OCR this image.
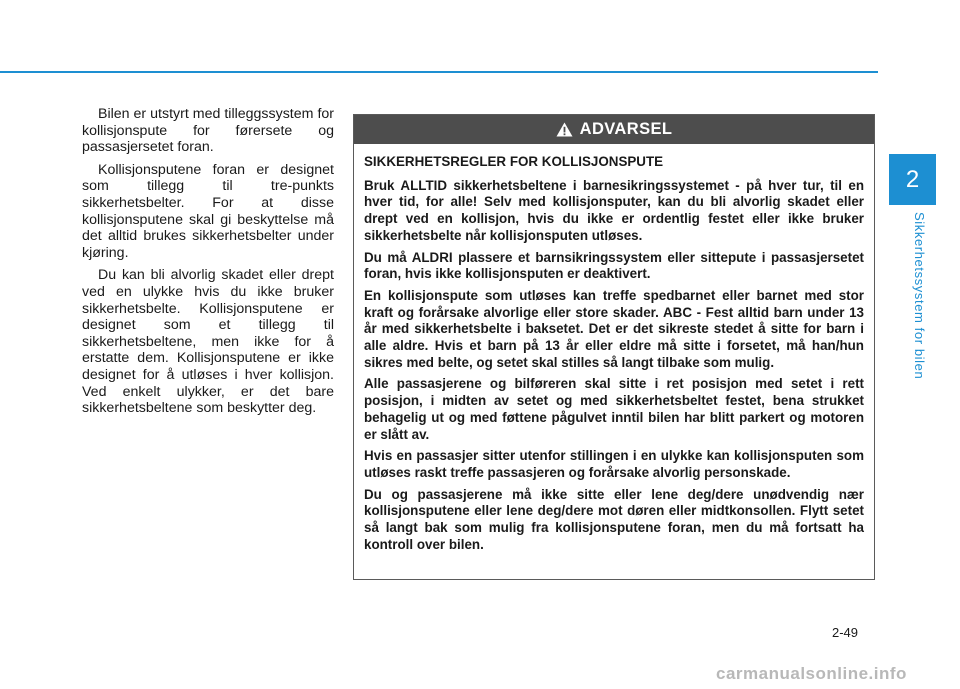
2
Sikkerhetssystem for bilen

Bilen er utstyrt med tilleggssystem for kollisjonspute for førersete og passasjersetet foran.

Kollisjonsputene foran er designet som tillegg til tre-punkts sikkerhetsbelter. For at disse kollisjonsputene skal gi beskyttelse må det alltid brukes sikkerhetsbelter under kjøring.

Du kan bli alvorlig skadet eller drept ved en ulykke hvis du ikke bruker sikkerhetsbelte. Kollisjonsputene er designet som et tillegg til sikkerhetsbeltene, men ikke for å erstatte dem. Kollisjonsputene er ikke designet for å utløses i hver kollisjon. Ved enkelt ulykker, er det bare sikkerhetsbeltene som beskytter deg.

ADVARSEL

SIKKERHETSREGLER FOR KOLLISJONSPUTE

Bruk ALLTID sikkerhetsbeltene i barnesikringssystemet - på hver tur, til en hver tid, for alle! Selv med kollisjonsputer, kan du bli alvorlig skadet eller drept ved en kollisjon, hvis du ikke er ordentlig festet eller ikke bruker sikkerhetsbelte når kollisjonsputen utløses.

Du må ALDRI plassere et barnsikringssystem eller sittepute i passasjersetet foran, hvis ikke kollisjonsputen er deaktivert.

En kollisjonspute som utløses kan treffe spedbarnet eller barnet med stor kraft og forårsake alvorlige eller store skader. ABC - Fest alltid barn under 13 år med sikkerhetsbelte i baksetet. Det er det sikreste stedet å sitte for barn i alle aldre. Hvis et barn på 13 år eller eldre må sitte i forsetet, må han/hun sikres med belte, og setet skal stilles så langt tilbake som mulig.

Alle passasjerene og bilføreren skal sitte i ret posisjon med setet i rett posisjon, i midten av setet og med sikkerhetsbeltet festet, bena strukket behagelig ut og med føttene pågulvet inntil bilen har blitt parkert og motoren er slått av.

Hvis en passasjer sitter utenfor stillingen i en ulykke kan kollisjonsputen som utløses raskt treffe passasjeren og forårsake alvorlig personskade.

Du og passasjerene må ikke sitte eller lene deg/dere unødvendig nær kollisjonsputene eller lene deg/dere mot døren eller midtkonsollen. Flytt setet så langt bak som mulig fra kollisjonsputene foran, men du må fortsatt ha kontroll over bilen.

2-49
carmanualsonline.info
